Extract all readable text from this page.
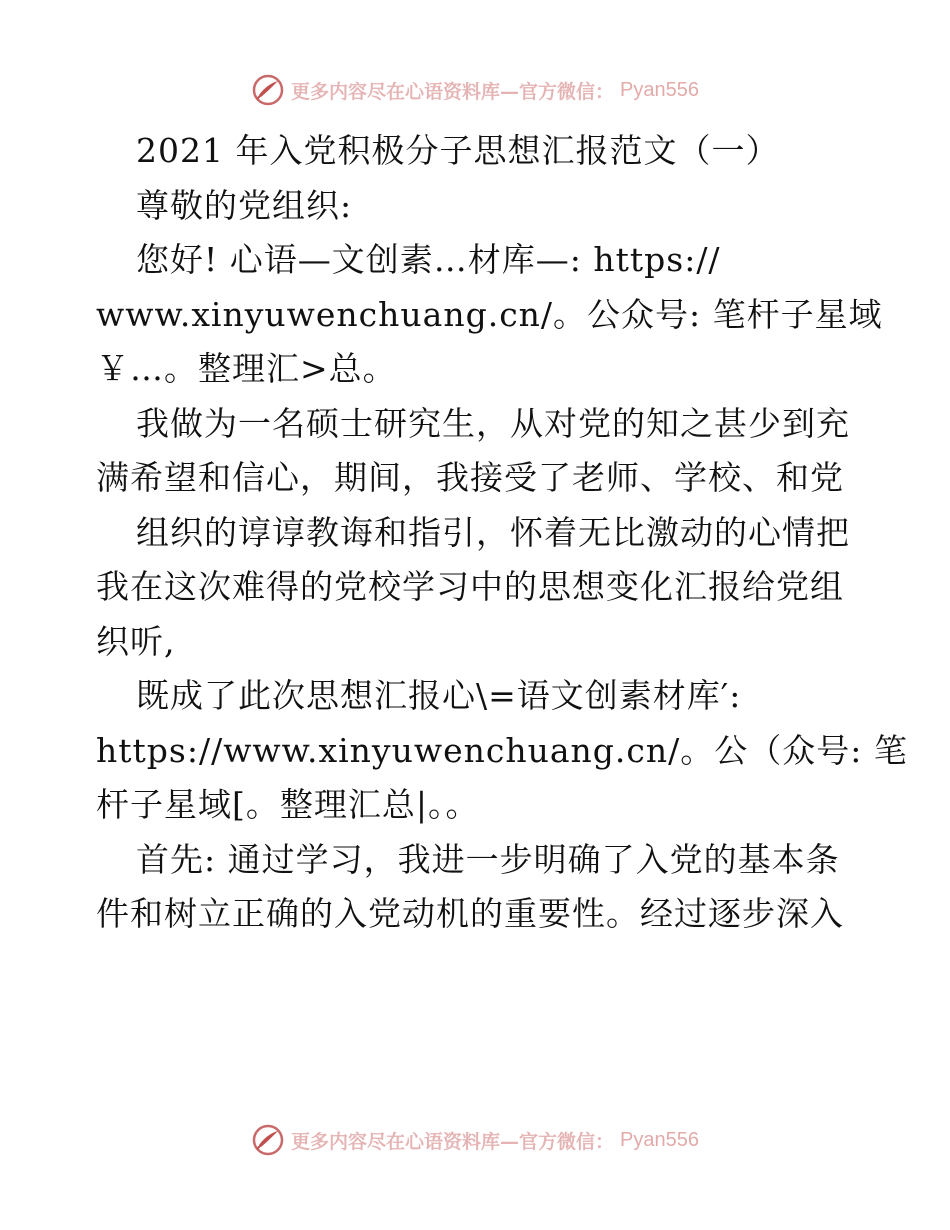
更多内容尽在心语资料库—官方微信： Pyan556
2021 年入党积极分子思想汇报范文（一）
尊敬的党组织:
您好! 心语—文创素…材库—: https://
www.xinyuwenchuang.cn/。公众号: 笔杆子星域
￥…。整理汇>总。
我做为一名硕士研究生，从对党的知之甚少到充
满希望和信心，期间，我接受了老师、学校、和党
组织的谆谆教诲和指引，怀着无比激动的心情把
我在这次难得的党校学习中的思想变化汇报给党组
织听,
既成了此次思想汇报心\=语文创素材库′:
https://www.xinyuwenchuang.cn/。公（众号: 笔
杆子星域[。整理汇总|。。
首先: 通过学习，我进一步明确了入党的基本条
件和树立正确的入党动机的重要性。经过逐步深入
更多内容尽在心语资料库—官方微信： Pyan556
